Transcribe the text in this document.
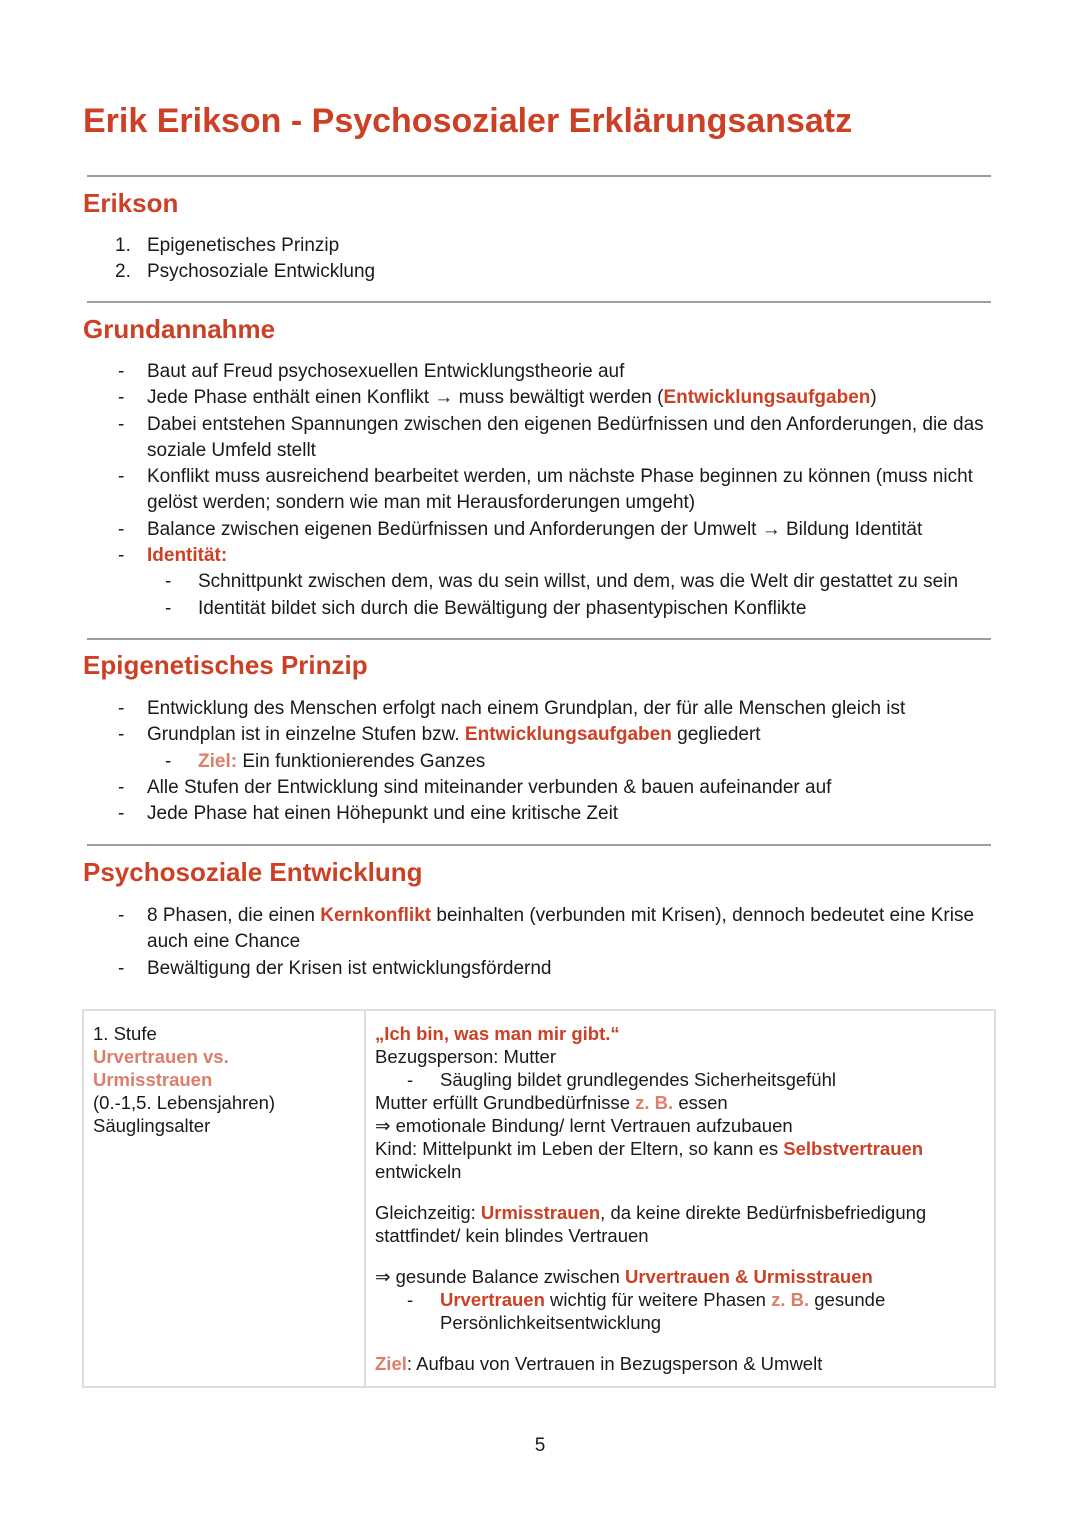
Erik Erikson - Psychosozialer Erklärungsansatz
Erikson
1. Epigenetisches Prinzip
2. Psychosoziale Entwicklung
Grundannahme
- Baut auf Freud psychosexuellen Entwicklungstheorie auf
- Jede Phase enthält einen Konflikt → muss bewältigt werden (Entwicklungsaufgaben)
- Dabei entstehen Spannungen zwischen den eigenen Bedürfnissen und den Anforderungen, die das soziale Umfeld stellt
- Konflikt muss ausreichend bearbeitet werden, um nächste Phase beginnen zu können (muss nicht gelöst werden; sondern wie man mit Herausforderungen umgeht)
- Balance zwischen eigenen Bedürfnissen und Anforderungen der Umwelt → Bildung Identität
- Identität:
- Schnittpunkt zwischen dem, was du sein willst, und dem, was die Welt dir gestattet zu sein
- Identität bildet sich durch die Bewältigung der phasentypischen Konflikte
Epigenetisches Prinzip
- Entwicklung des Menschen erfolgt nach einem Grundplan, der für alle Menschen gleich ist
- Grundplan ist in einzelne Stufen bzw. Entwicklungsaufgaben gegliedert
- Ziel: Ein funktionierendes Ganzes
- Alle Stufen der Entwicklung sind miteinander verbunden & bauen aufeinander auf
- Jede Phase hat einen Höhepunkt und eine kritische Zeit
Psychosoziale Entwicklung
- 8 Phasen, die einen Kernkonflikt beinhalten (verbunden mit Krisen), dennoch bedeutet eine Krise auch eine Chance
- Bewältigung der Krisen ist entwicklungsfördernd
1. Stufe
Urvertrauen vs.
Urmisstrauen
(0.-1,5. Lebensjahren)
Säuglingsalter

„Ich bin, was man mir gibt.“
Bezugsperson: Mutter
- Säugling bildet grundlegendes Sicherheitsgefühl
Mutter erfüllt Grundbedürfnisse z. B. essen
⇒ emotionale Bindung/ lernt Vertrauen aufzubauen
Kind: Mittelpunkt im Leben der Eltern, so kann es Selbstvertrauen entwickeln
Gleichzeitig: Urmisstrauen, da keine direkte Bedürfnisbefriedigung stattfindet/ kein blindes Vertrauen
⇒ gesunde Balance zwischen Urvertrauen & Urmisstrauen
- Urvertrauen wichtig für weitere Phasen z. B. gesunde Persönlichkeitsentwicklung
Ziel: Aufbau von Vertrauen in Bezugsperson & Umwelt
5
